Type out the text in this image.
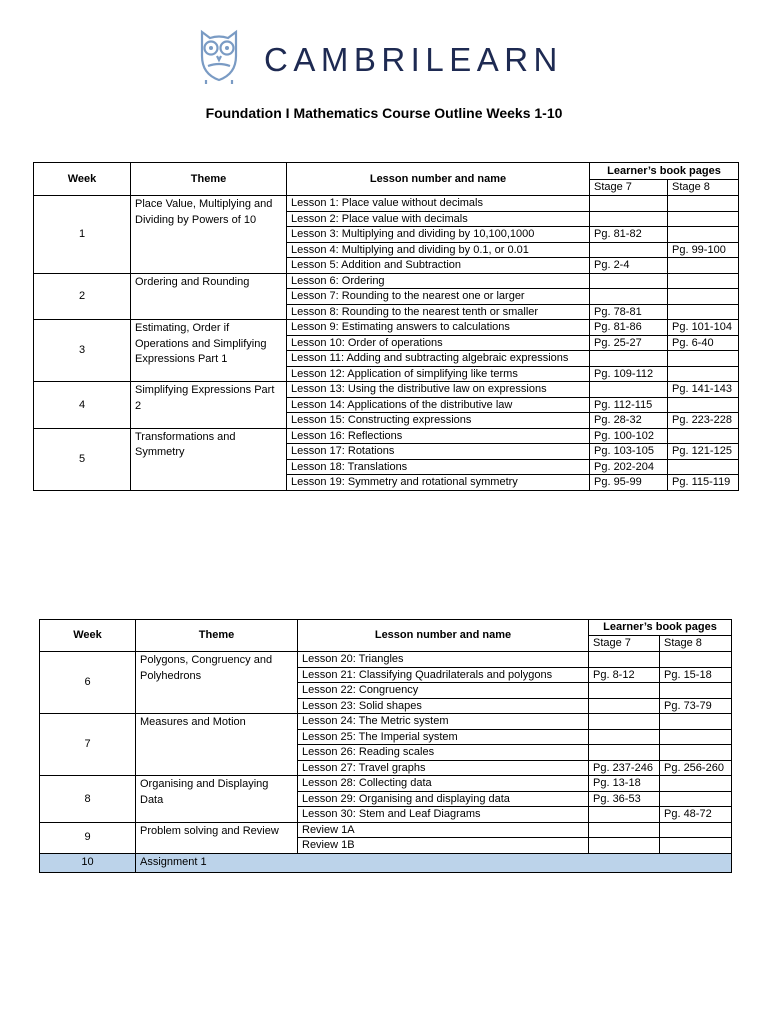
CAMBRILEARN
Foundation I Mathematics Course Outline Weeks 1-10
Week	Theme	Lesson number and name	Learner’s book pages	
			Stage 7	Stage 8
1	Place Value, Multiplying and Dividing by Powers of 10	Lesson 1: Place value without decimals		
		Lesson 2: Place value with decimals		
		Lesson 3: Multiplying and dividing by 10,100,1000	Pg. 81-82	
		Lesson 4: Multiplying and dividing by 0.1, or 0.01		Pg. 99-100
		Lesson 5: Addition and Subtraction	Pg. 2-4	
2	Ordering and Rounding	Lesson 6: Ordering		
		Lesson 7: Rounding to the nearest one or larger		
		Lesson 8: Rounding to the nearest tenth or smaller	Pg. 78-81	
3	Estimating, Order if Operations and Simplifying Expressions Part 1	Lesson 9: Estimating answers to calculations	Pg. 81-86	Pg. 101-104
		Lesson 10: Order of operations	Pg. 25-27	Pg. 6-40
		Lesson 11: Adding and subtracting algebraic expressions		
		Lesson 12: Application of simplifying like terms	Pg. 109-112	
4	Simplifying Expressions Part 2	Lesson 13: Using the distributive law on expressions		Pg. 141-143
		Lesson 14: Applications of the distributive law	Pg. 112-115	
		Lesson 15: Constructing expressions	Pg. 28-32	Pg. 223-228
5	Transformations and Symmetry	Lesson 16: Reflections	Pg. 100-102	
		Lesson 17: Rotations	Pg. 103-105	Pg. 121-125
		Lesson 18: Translations	Pg. 202-204	
		Lesson 19: Symmetry and rotational symmetry	Pg. 95-99	Pg. 115-119
Week	Theme	Lesson number and name	Learner’s book pages	
			Stage 7	Stage 8
6	Polygons, Congruency and Polyhedrons	Lesson 20: Triangles		
		Lesson 21: Classifying Quadrilaterals and polygons	Pg. 8-12	Pg. 15-18
		Lesson 22: Congruency		
		Lesson 23: Solid shapes		Pg. 73-79
7	Measures and Motion	Lesson 24: The Metric system		
		Lesson 25: The Imperial system		
		Lesson 26: Reading scales		
		Lesson 27: Travel graphs	Pg. 237-246	Pg. 256-260
8	Organising and Displaying Data	Lesson 28: Collecting data	Pg. 13-18	
		Lesson 29: Organising and displaying data	Pg. 36-53	
		Lesson 30: Stem and Leaf Diagrams		Pg. 48-72
9	Problem solving and Review	Review 1A		
		Review 1B		
10	Assignment 1			
